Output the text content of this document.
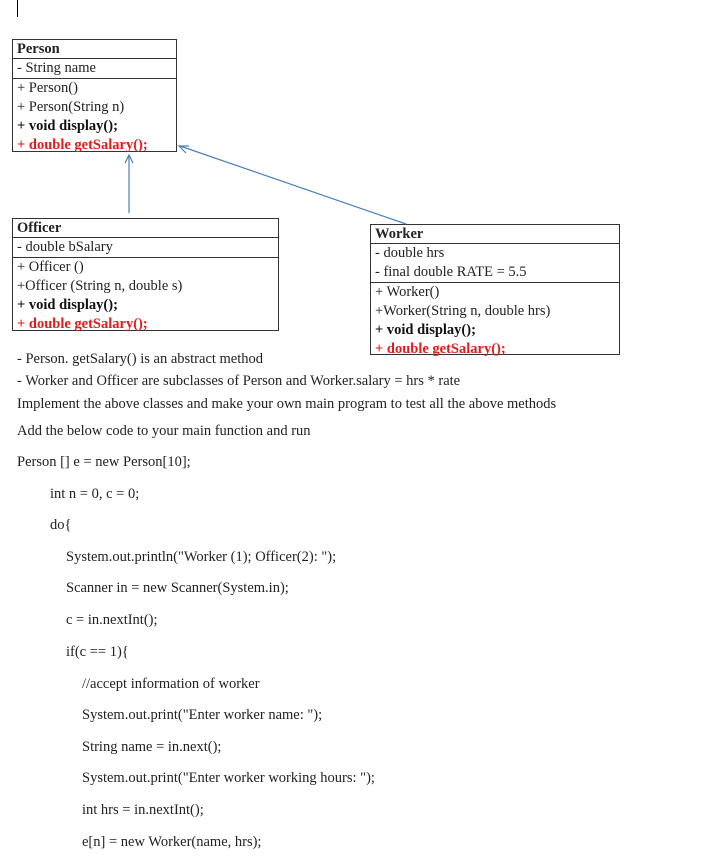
Person
- String name
+ Person()
+ Person(String n)
+ void display();
+ double getSalary();
Officer
- double bSalary
+ Officer ()
+Officer (String n, double s)
+ void display();
+ double getSalary();
Worker
- double hrs
- final double RATE = 5.5
+ Worker()
+Worker(String n, double hrs)
+ void display();
+ double getSalary();
- Person. getSalary() is an abstract method
- Worker and Officer are subclasses of Person and Worker.salary = hrs * rate
Implement the above classes and make your own main program to test all the above methods
Add the below code to your main function and run
Person [] e = new Person[10];
int n = 0, c = 0;
do{
System.out.println("Worker (1); Officer(2): ");
Scanner in = new Scanner(System.in);
c = in.nextInt();
if(c == 1){
//accept information of worker
System.out.print("Enter worker name: ");
String name = in.next();
System.out.print("Enter worker working hours: ");
int hrs = in.nextInt();
e[n] = new Worker(name, hrs);
